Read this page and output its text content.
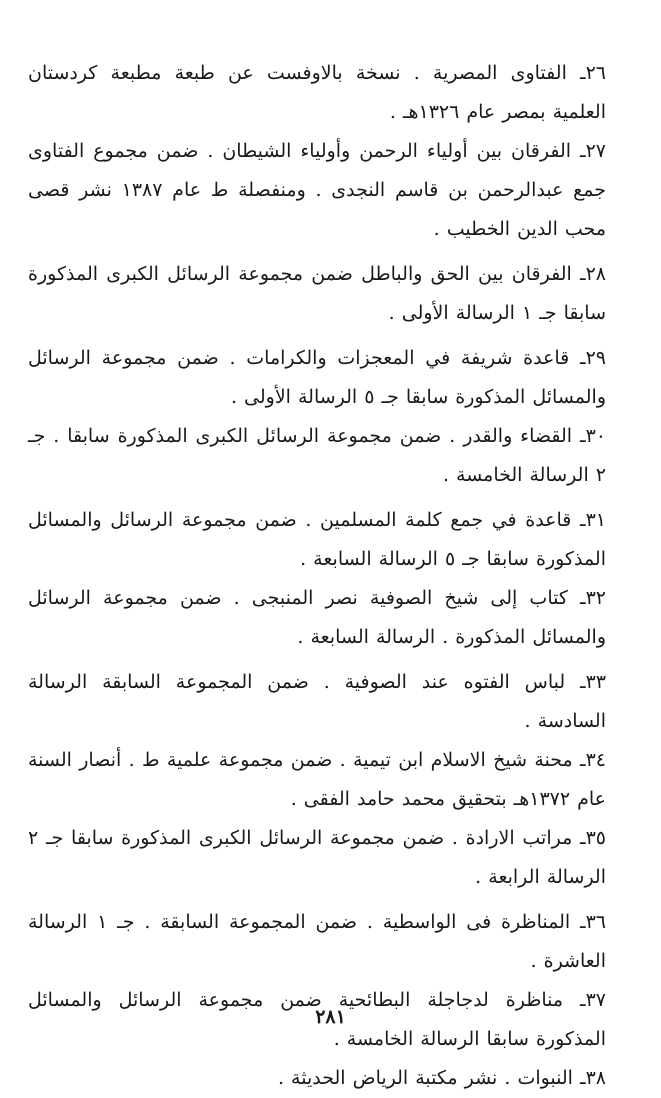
٢٦ـ الفتاوى المصرية . نسخة بالاوفست عن طبعة مطبعة كردستان العلمية بمصر عام ١٣٢٦هـ .

٢٧ـ الفرقان بين أولياء الرحمن وأولياء الشيطان . ضمن مجموع الفتاوى جمع عبدالرحمن بن قاسم النجدى . ومنفصلة ط عام ١٣٨٧ نشر قصى محب الدين الخطيب .

٢٨ـ الفرقان بين الحق والباطل ضمن مجموعة الرسائل الكبرى المذكورة سابقا جـ ١ الرسالة الأولى .

٢٩ـ قاعدة شريفة في المعجزات والكرامات . ضمن مجموعة الرسائل والمسائل المذكورة سابقا جـ ٥ الرسالة الأولى .

٣٠ـ القضاء والقدر . ضمن مجموعة الرسائل الكبرى المذكورة سابقا . جـ ٢ الرسالة الخامسة .

٣١ـ قاعدة في جمع كلمة المسلمين . ضمن مجموعة الرسائل والمسائل المذكورة سابقا جـ ٥ الرسالة السابعة .

٣٢ـ كتاب إلى شيخ الصوفية نصر المنبجى . ضمن مجموعة الرسائل والمسائل المذكورة . الرسالة السابعة .

٣٣ـ لباس الفتوه عند الصوفية . ضمن المجموعة السابقة الرسالة السادسة .

٣٤ـ محنة شيخ الاسلام ابن تيمية . ضمن مجموعة علمية ط . أنصار السنة عام ١٣٧٢هـ بتحقيق محمد حامد الفقى .

٣٥ـ مراتب الارادة . ضمن مجموعة الرسائل الكبرى المذكورة سابقا جـ ٢ الرسالة الرابعة .

٣٦ـ المناظرة فى الواسطية . ضمن المجموعة السابقة . جـ ١ الرسالة العاشرة .

٣٧ـ مناظرة لدجاجلة البطائحية ضمن مجموعة الرسائل والمسائل المذكورة سابقا الرسالة الخامسة .

٣٨ـ النبوات . نشر مكتبة الرياض الحديثة .

٢٨١
